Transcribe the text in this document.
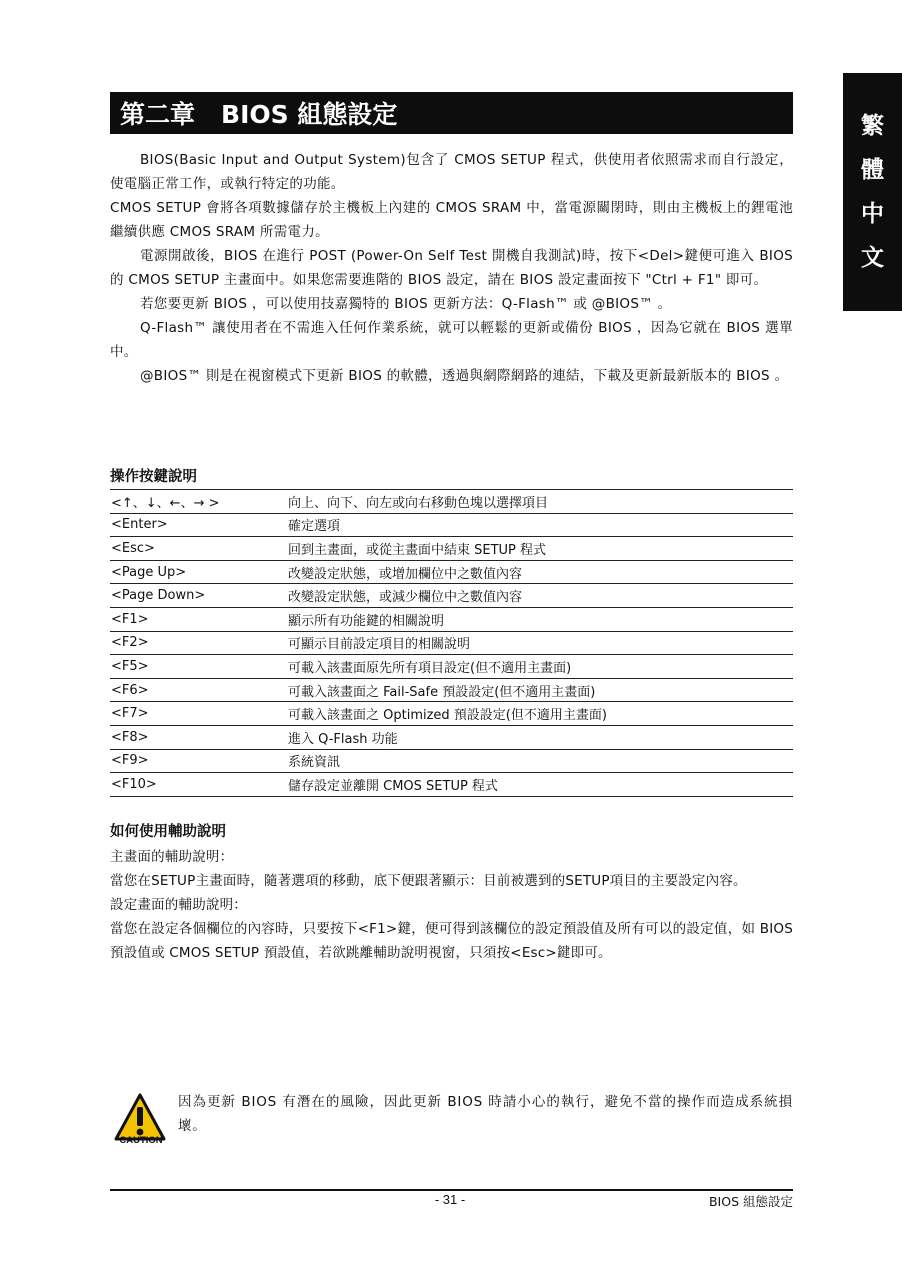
繁
體
中
文
第二章 BIOS 組態設定

BIOS(Basic Input and Output System)包含了 CMOS SETUP 程式，供使用者依照需求而自行設定，使電腦正常工作，或執行特定的功能。

CMOS SETUP 會將各項數據儲存於主機板上內建的 CMOS SRAM 中，當電源關閉時，則由主機板上的鋰電池繼續供應 CMOS SRAM 所需電力。

電源開啟後，BIOS 在進行 POST (Power-On Self Test 開機自我測試)時，按下<Del>鍵便可進入 BIOS 的 CMOS SETUP 主畫面中。如果您需要進階的 BIOS 設定，請在 BIOS 設定畫面按下 "Ctrl + F1" 即可。

若您要更新 BIOS ，可以使用技嘉獨特的 BIOS 更新方法：Q-Flash™ 或 @BIOS™ 。

Q-Flash™ 讓使用者在不需進入任何作業系統，就可以輕鬆的更新或備份 BIOS ，因為它就在 BIOS 選單中。

@BIOS™ 則是在視窗模式下更新 BIOS 的軟體，透過與網際網路的連結，下載及更新最新版本的 BIOS 。

操作按鍵說明
<↑、↓、←、→ >	向上、向下、向左或向右移動色塊以選擇項目
<Enter>	確定選項
<Esc>	回到主畫面，或從主畫面中結束 SETUP 程式
<Page Up>	改變設定狀態，或增加欄位中之數值內容
<Page Down>	改變設定狀態，或減少欄位中之數值內容
<F1>	顯示所有功能鍵的相關說明
<F2>	可顯示目前設定項目的相關說明
<F5>	可載入該畫面原先所有項目設定(但不適用主畫面)
<F6>	可載入該畫面之 Fail-Safe 預設設定(但不適用主畫面)
<F7>	可載入該畫面之 Optimized 預設設定(但不適用主畫面)
<F8>	進入 Q-Flash 功能
<F9>	系統資訊
<F10>	儲存設定並離開 CMOS SETUP 程式
如何使用輔助說明

主畫面的輔助說明：

當您在SETUP主畫面時，隨著選項的移動，底下便跟著顯示：目前被選到的SETUP項目的主要設定內容。

設定畫面的輔助說明：

當您在設定各個欄位的內容時，只要按下<F1>鍵，便可得到該欄位的設定預設值及所有可以的設定值，如 BIOS 預設值或 CMOS SETUP 預設值，若欲跳離輔助說明視窗，只須按<Esc>鍵即可。

CAUTION
因為更新 BIOS 有潛在的風險，因此更新 BIOS 時請小心的執行，避免不當的操作而造成系統損壞。
- 31 -	BIOS 組態設定
